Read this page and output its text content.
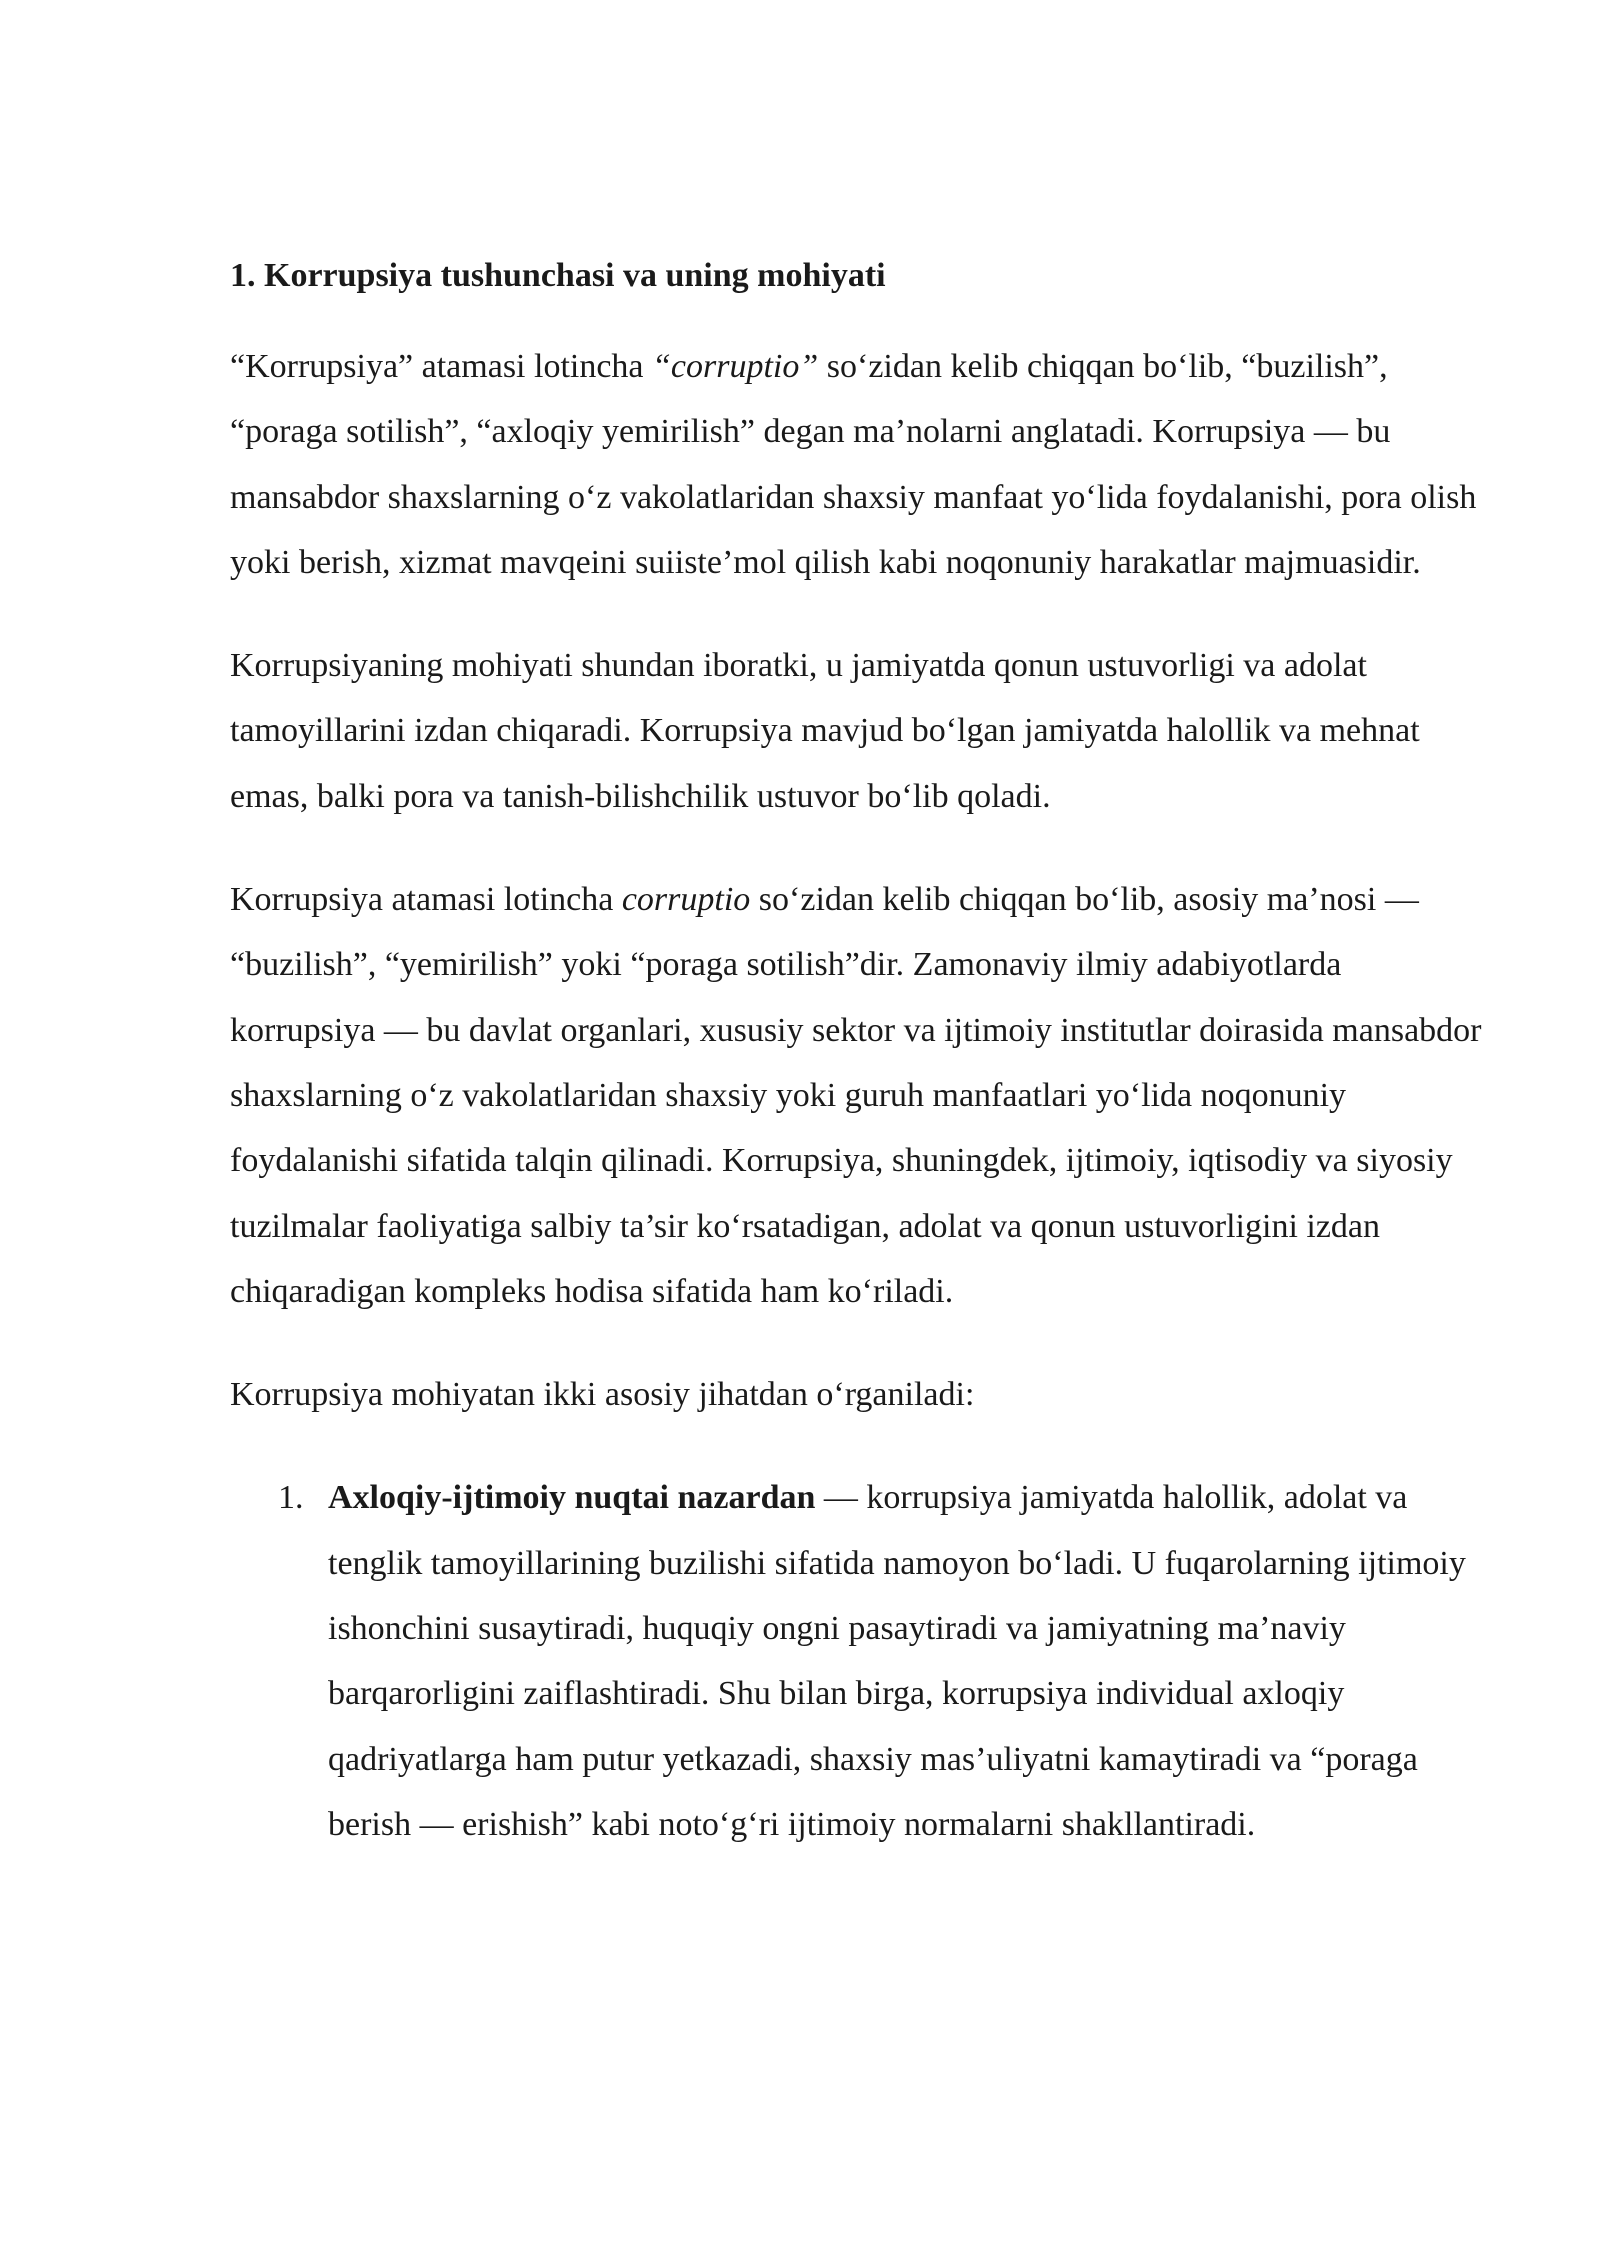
1. Korrupsiya tushunchasi va uning mohiyati

“Korrupsiya” atamasi lotincha “corruptio” so‘zidan kelib chiqqan bo‘lib, “buzilish”, “poraga sotilish”, “axloqiy yemirilish” degan ma’nolarni anglatadi. Korrupsiya — bu mansabdor shaxslarning o‘z vakolatlaridan shaxsiy manfaat yo‘lida foydalanishi, pora olish yoki berish, xizmat mavqeini suiiste’mol qilish kabi noqonuniy harakatlar majmuasidir.

Korrupsiyaning mohiyati shundan iboratki, u jamiyatda qonun ustuvorligi va adolat tamoyillarini izdan chiqaradi. Korrupsiya mavjud bo‘lgan jamiyatda halollik va mehnat emas, balki pora va tanish-bilishchilik ustuvor bo‘lib qoladi.

Korrupsiya atamasi lotincha corruptio so‘zidan kelib chiqqan bo‘lib, asosiy ma’nosi — “buzilish”, “yemirilish” yoki “poraga sotilish”dir. Zamonaviy ilmiy adabiyotlarda korrupsiya — bu davlat organlari, xususiy sektor va ijtimoiy institutlar doirasida mansabdor shaxslarning o‘z vakolatlaridan shaxsiy yoki guruh manfaatlari yo‘lida noqonuniy foydalanishi sifatida talqin qilinadi. Korrupsiya, shuningdek, ijtimoiy, iqtisodiy va siyosiy tuzilmalar faoliyatiga salbiy ta’sir ko‘rsatadigan, adolat va qonun ustuvorligini izdan chiqaradigan kompleks hodisa sifatida ham ko‘riladi.

Korrupsiya mohiyatan ikki asosiy jihatdan o‘rganiladi:

1. Axloqiy-ijtimoiy nuqtai nazardan — korrupsiya jamiyatda halollik, adolat va tenglik tamoyillarining buzilishi sifatida namoyon bo‘ladi. U fuqarolarning ijtimoiy ishonchini susaytiradi, huquqiy ongni pasaytiradi va jamiyatning ma’naviy barqarorligini zaiflashtiradi. Shu bilan birga, korrupsiya individual axloqiy qadriyatlarga ham putur yetkazadi, shaxsiy mas’uliyatni kamaytiradi va “poraga berish — erishish” kabi noto‘g‘ri ijtimoiy normalarni shakllantiradi.
